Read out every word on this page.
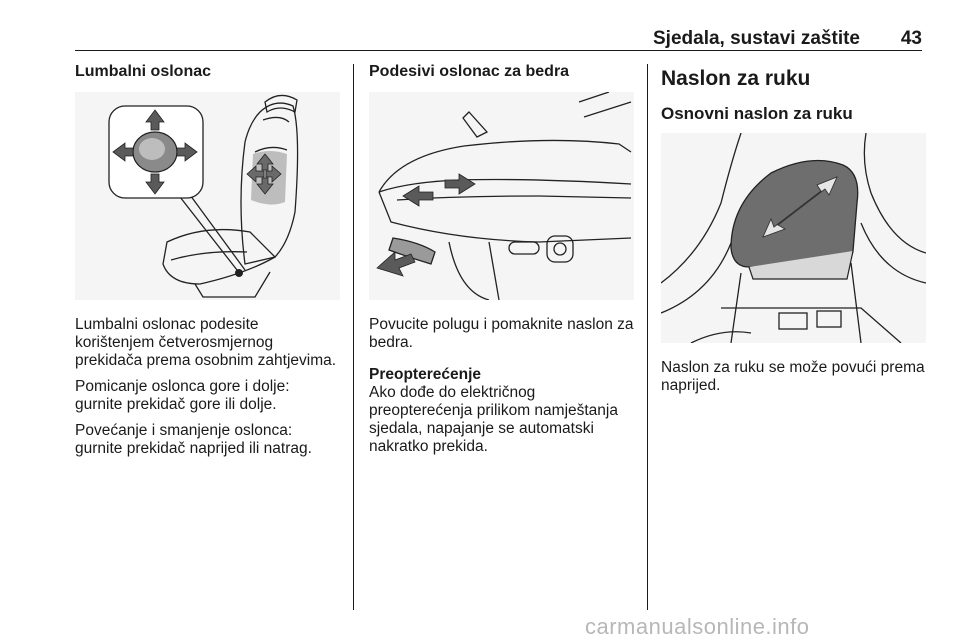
Sjedala, sustavi zaštite 43
Lumbalni oslonac
Lumbalni oslonac podesite korištenjem četverosmjernog prekidača prema osobnim zahtjevima.
Pomicanje oslonca gore i dolje: gurnite prekidač gore ili dolje.
Povećanje i smanjenje oslonca: gurnite prekidač naprijed ili natrag.
Podesivi oslonac za bedra
Povucite polugu i pomaknite naslon za bedra.
Preopterećenje
Ako dođe do električnog preopterećenja prilikom namještanja sjedala, napajanje se automatski nakratko prekida.
Naslon za ruku
Osnovni naslon za ruku
Naslon za ruku se može povući prema naprijed.
carmanualsonline.info
